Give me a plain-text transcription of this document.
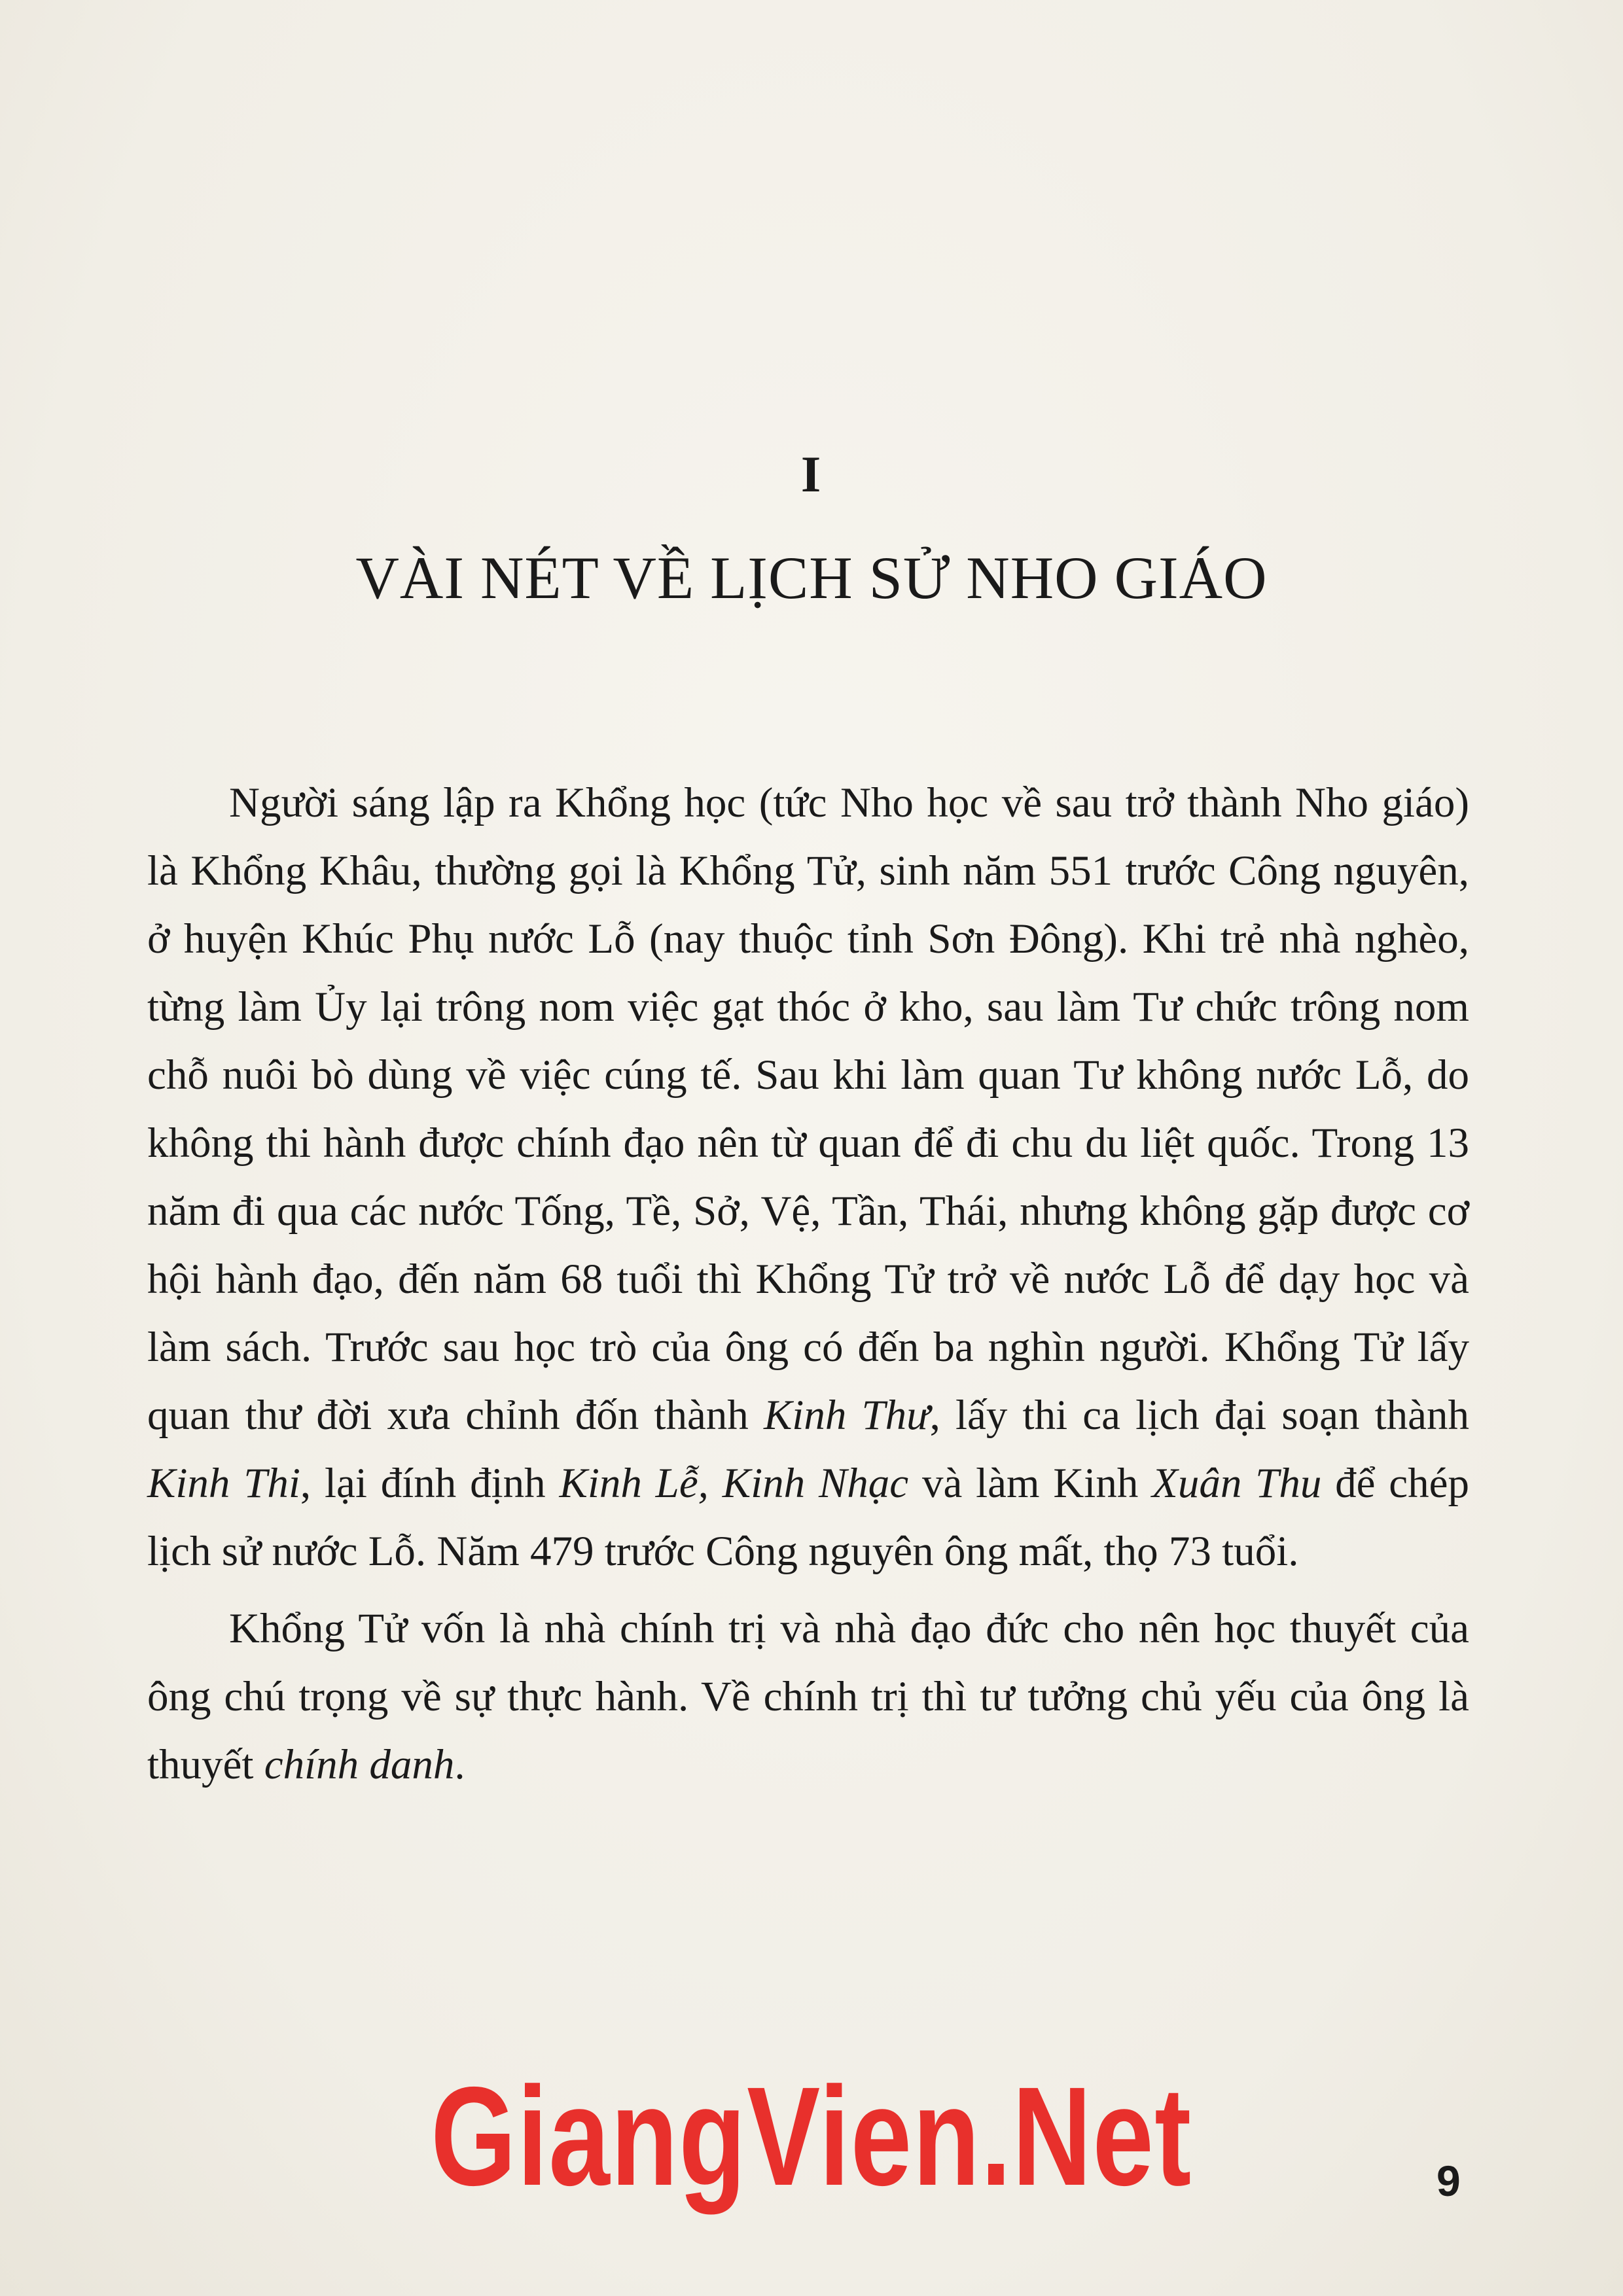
I
VÀI NÉT VỀ LỊCH SỬ NHO GIÁO

Người sáng lập ra Khổng học (tức Nho học về sau trở thành Nho giáo) là Khổng Khâu, thường gọi là Khổng Tử, sinh năm 551 trước Công nguyên, ở huyện Khúc Phụ nước Lỗ (nay thuộc tỉnh Sơn Đông). Khi trẻ nhà nghèo, từng làm Ủy lại trông nom việc gạt thóc ở kho, sau làm Tư chức trông nom chỗ nuôi bò dùng về việc cúng tế. Sau khi làm quan Tư không nước Lỗ, do không thi hành được chính đạo nên từ quan để đi chu du liệt quốc. Trong 13 năm đi qua các nước Tống, Tề, Sở, Vệ, Tần, Thái, nhưng không gặp được cơ hội hành đạo, đến năm 68 tuổi thì Khổng Tử trở về nước Lỗ để dạy học và làm sách. Trước sau học trò của ông có đến ba nghìn người. Khổng Tử lấy quan thư đời xưa chỉnh đốn thành Kinh Thư, lấy thi ca lịch đại soạn thành Kinh Thi, lại đính định Kinh Lễ, Kinh Nhạc và làm Kinh Xuân Thu để chép lịch sử nước Lỗ. Năm 479 trước Công nguyên ông mất, thọ 73 tuổi.

Khổng Tử vốn là nhà chính trị và nhà đạo đức cho nên học thuyết của ông chú trọng về sự thực hành. Về chính trị thì tư tưởng chủ yếu của ông là thuyết chính danh.

GiangVien.Net	9
